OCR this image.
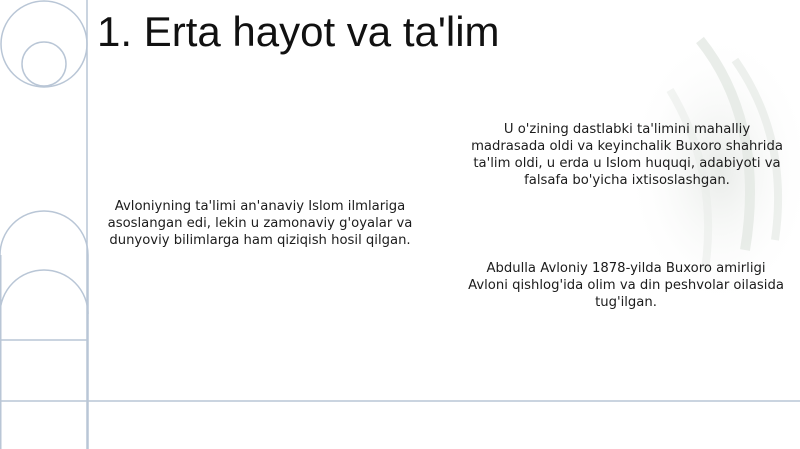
1. Erta hayot va ta'lim

U o'zining dastlabki ta'limini mahalliy madrasada oldi va keyinchalik Buxoro shahrida ta'lim oldi, u erda u Islom huquqi, adabiyoti va falsafa bo'yicha ixtisoslashgan.

Avloniyning ta'limi an'anaviy Islom ilmlariga asoslangan edi, lekin u zamonaviy g'oyalar va dunyoviy bilimlarga ham qiziqish hosil qilgan.

Abdulla Avloniy 1878-yilda Buxoro amirligi Avloni qishlog'ida olim va din peshvolar oilasida tug'ilgan.
